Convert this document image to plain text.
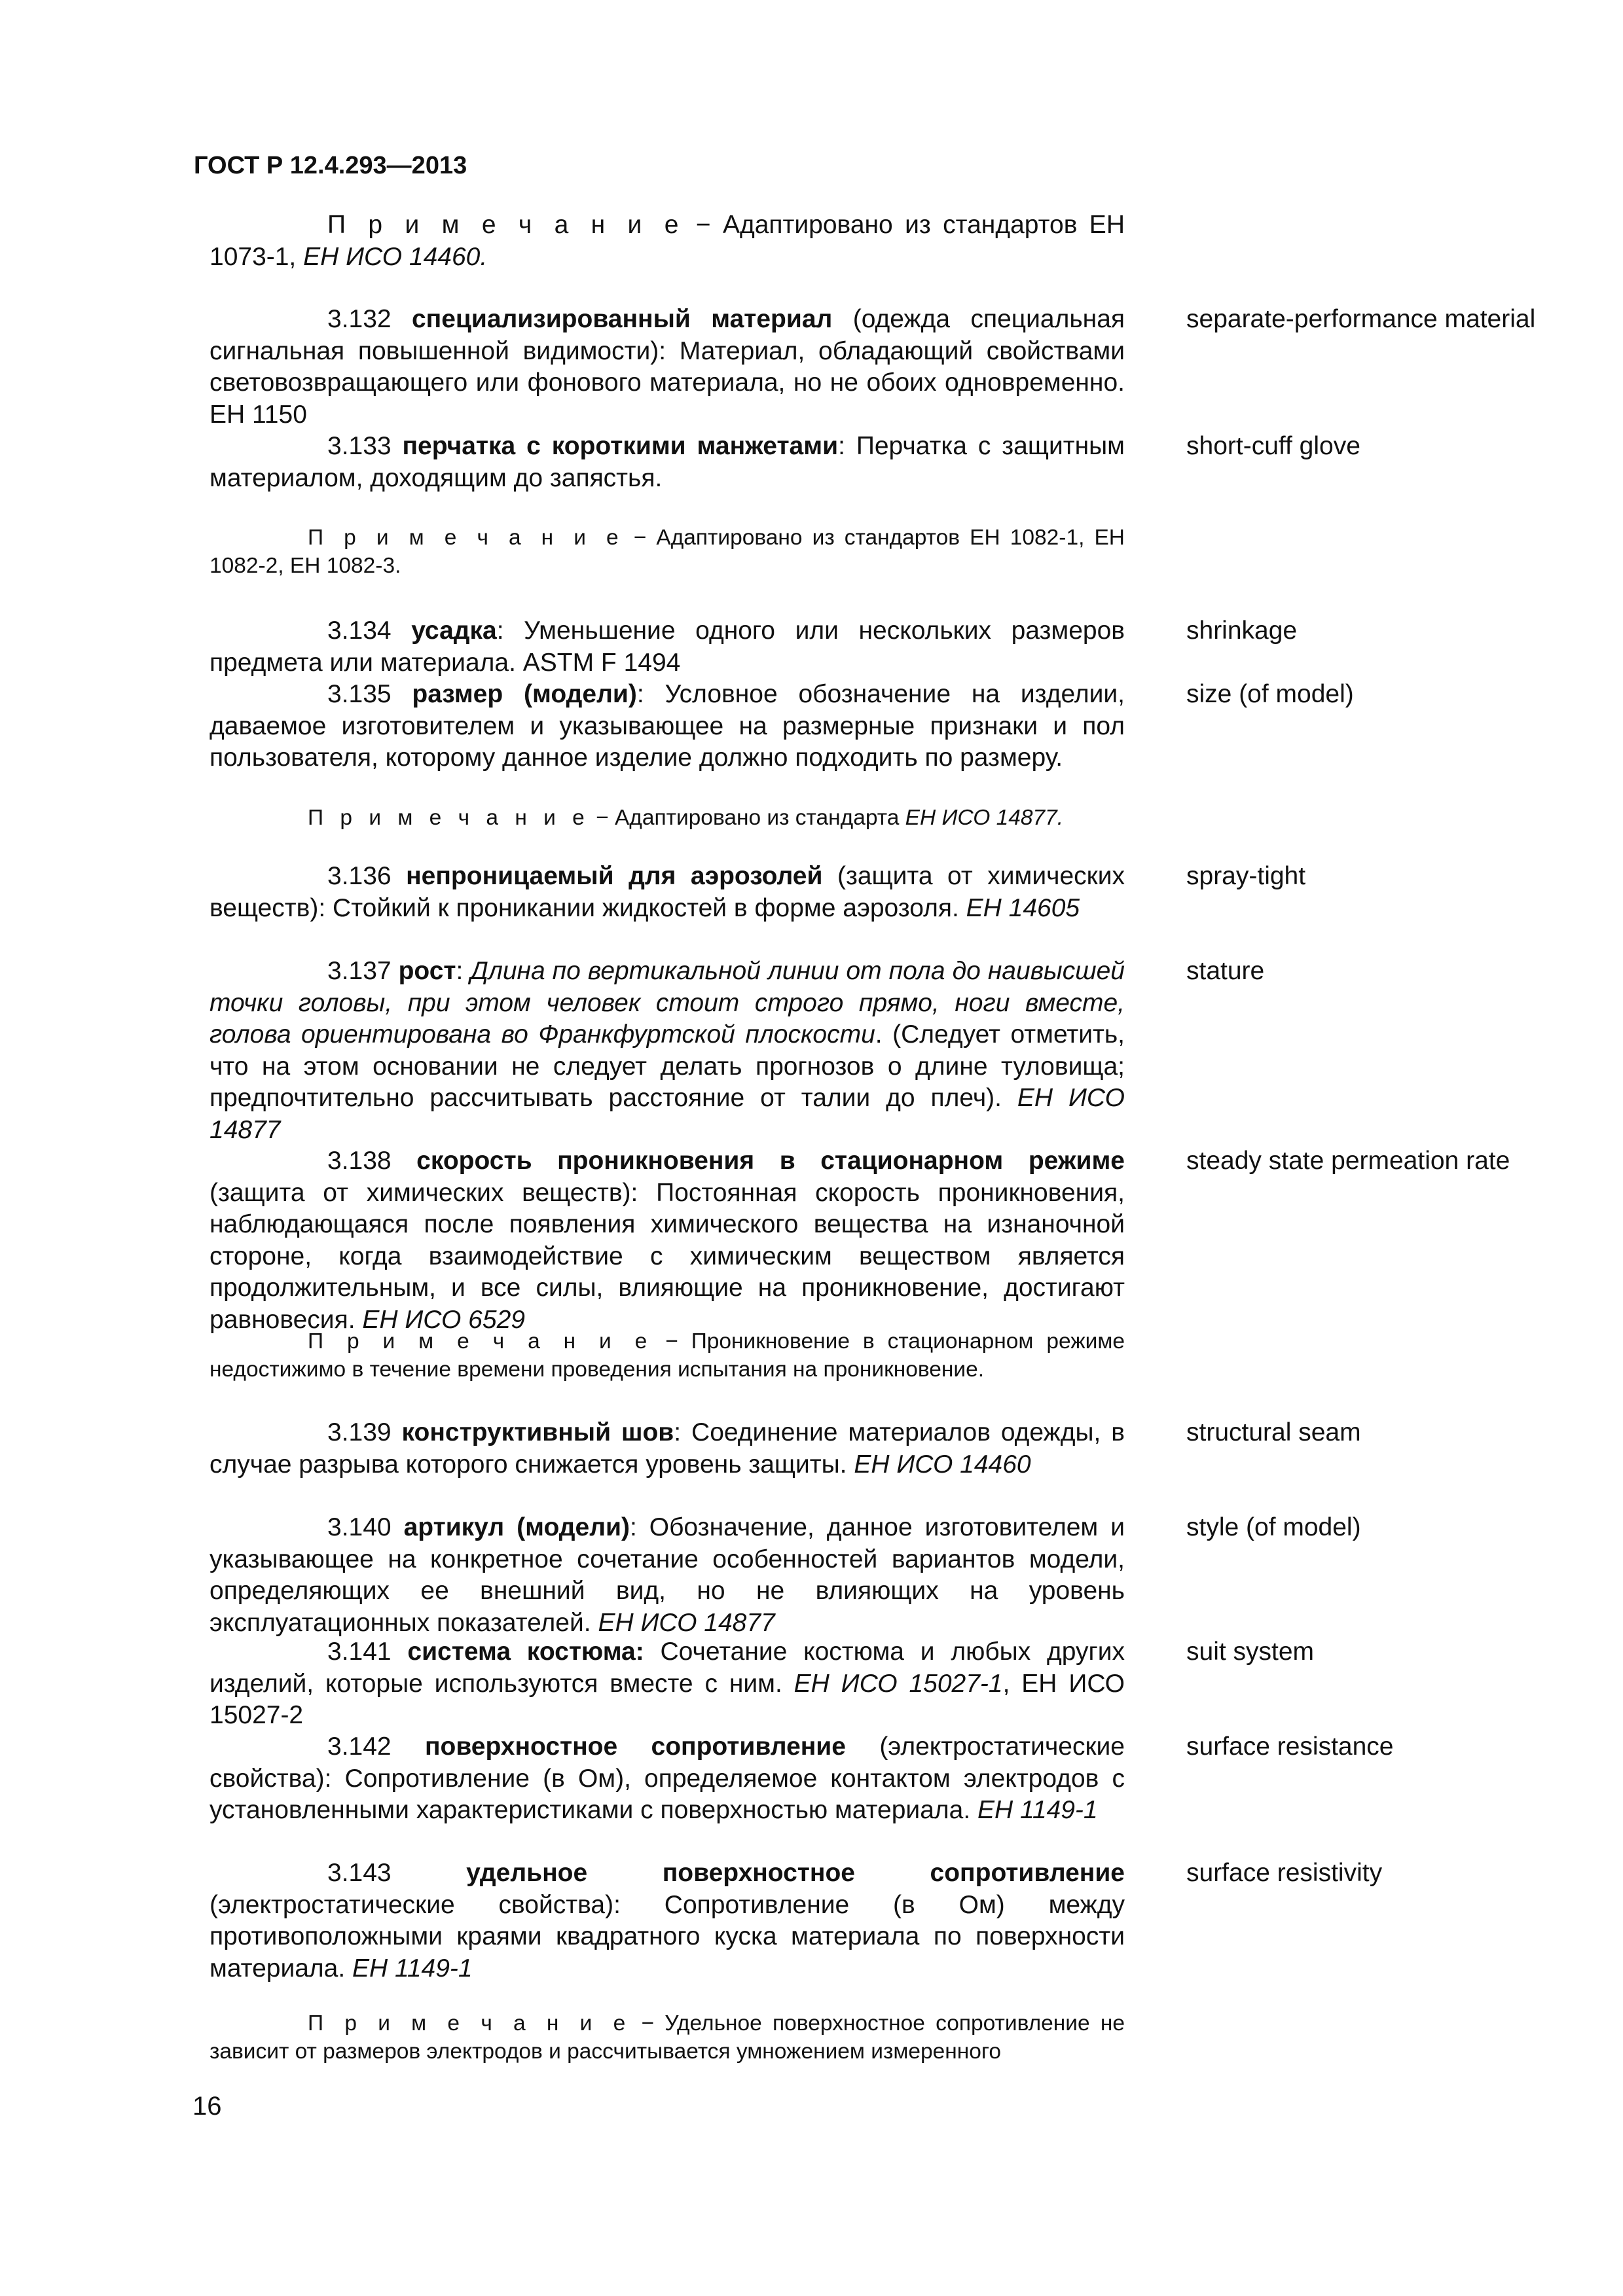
ГОСТ Р 12.4.293—2013
П р и м е ч а н и е − Адаптировано из стандартов ЕН 1073-1, ЕН ИСО 14460.
3.132 специализированный материал (одежда специальная сигнальная повышенной видимости): Материал, обладающий свойствами световозвращающего или фонового материала, но не обоих одновременно. ЕН 1150
separate-performance material
3.133 перчатка с короткими манжетами: Перчатка с защитным материалом, доходящим до запястья.
short-cuff glove
П р и м е ч а н и е − Адаптировано из стандартов ЕН 1082-1, ЕН 1082-2, ЕН 1082-3.
3.134 усадка: Уменьшение одного или нескольких размеров предмета или материала. ASTM F 1494
shrinkage
3.135 размер (модели): Условное обозначение на изделии, даваемое изготовителем и указывающее на размерные признаки и пол пользователя, которому данное изделие должно подходить по размеру.
size (of model)
П р и м е ч а н и е − Адаптировано из стандарта ЕН ИСО 14877.
3.136 непроницаемый для аэрозолей (защита от химических веществ): Стойкий к проникании жидкостей в форме аэрозоля. ЕН 14605
spray-tight
3.137 рост: Длина по вертикальной линии от пола до наивысшей точки головы, при этом человек стоит строго прямо, ноги вместе, голова ориентирована во Франкфуртской плоскости. (Следует отметить, что на этом основании не следует делать прогнозов о длине туловища; предпочтительно рассчитывать расстояние от талии до плеч). ЕН ИСО 14877
stature
3.138 скорость проникновения в стационарном режиме (защита от химических веществ): Постоянная скорость проникновения, наблюдающаяся после появления химического вещества на изнаночной стороне, когда взаимодействие с химическим веществом является продолжительным, и все силы, влияющие на проникновение, достигают равновесия. ЕН ИСО 6529
steady state permeation rate
П р и м е ч а н и е − Проникновение в стационарном режиме недостижимо в течение времени проведения испытания на проникновение.
3.139 конструктивный шов: Соединение материалов одежды, в случае разрыва которого снижается уровень защиты. ЕН ИСО 14460
structural seam
3.140 артикул (модели): Обозначение, данное изготовителем и указывающее на конкретное сочетание особенностей вариантов модели, определяющих ее внешний вид, но не влияющих на уровень эксплуатационных показателей. ЕН ИСО 14877
style (of model)
3.141 система костюма: Сочетание костюма и любых других изделий, которые используются вместе с ним. ЕН ИСО 15027-1, ЕН ИСО 15027-2
suit system
3.142 поверхностное сопротивление (электростатические свойства): Сопротивление (в Ом), определяемое контактом электродов с установленными характеристиками с поверхностью материала. ЕН 1149-1
surface resistance
3.143 удельное поверхностное сопротивление (электростатические свойства): Сопротивление (в Ом) между противоположными краями квадратного куска материала по поверхности материала. ЕН 1149-1
surface resistivity
П р и м е ч а н и е − Удельное поверхностное сопротивление не зависит от размеров электродов и рассчитывается умножением измеренного
16
